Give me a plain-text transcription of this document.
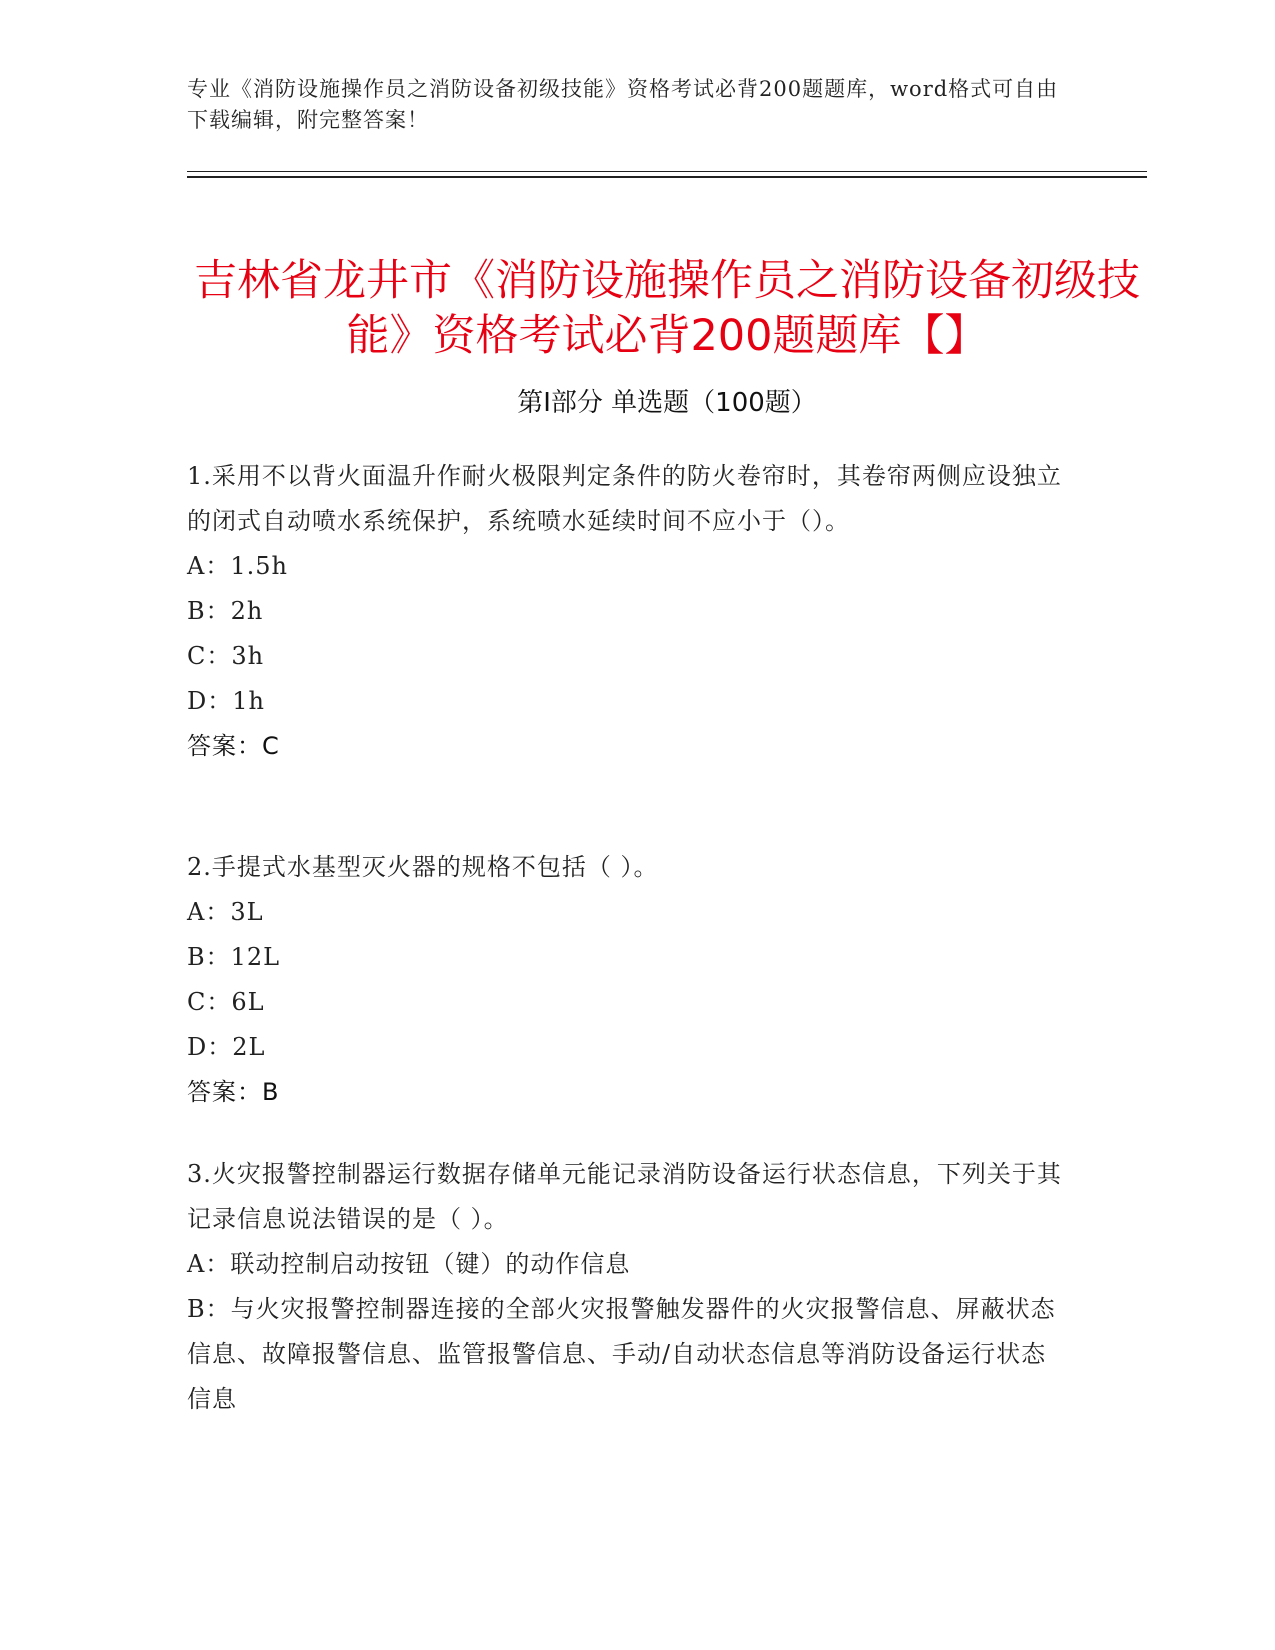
专业《消防设施操作员之消防设备初级技能》资格考试必背200题题库，word格式可自由下载编辑，附完整答案！
吉林省龙井市《消防设施操作员之消防设备初级技能》资格考试必背200题题库【】
第I部分 单选题（100题）
1.采用不以背火面温升作耐火极限判定条件的防火卷帘时，其卷帘两侧应设独立的闭式自动喷水系统保护，系统喷水延续时间不应小于（）。
A：1.5h
B：2h
C：3h
D：1h
答案：C
2.手提式水基型灭火器的规格不包括（ ）。
A：3L
B：12L
C：6L
D：2L
答案：B
3.火灾报警控制器运行数据存储单元能记录消防设备运行状态信息，下列关于其记录信息说法错误的是（ ）。
A：联动控制启动按钮（键）的动作信息
B：与火灾报警控制器连接的全部火灾报警触发器件的火灾报警信息、屏蔽状态信息、故障报警信息、监管报警信息、手动/自动状态信息等消防设备运行状态信息
